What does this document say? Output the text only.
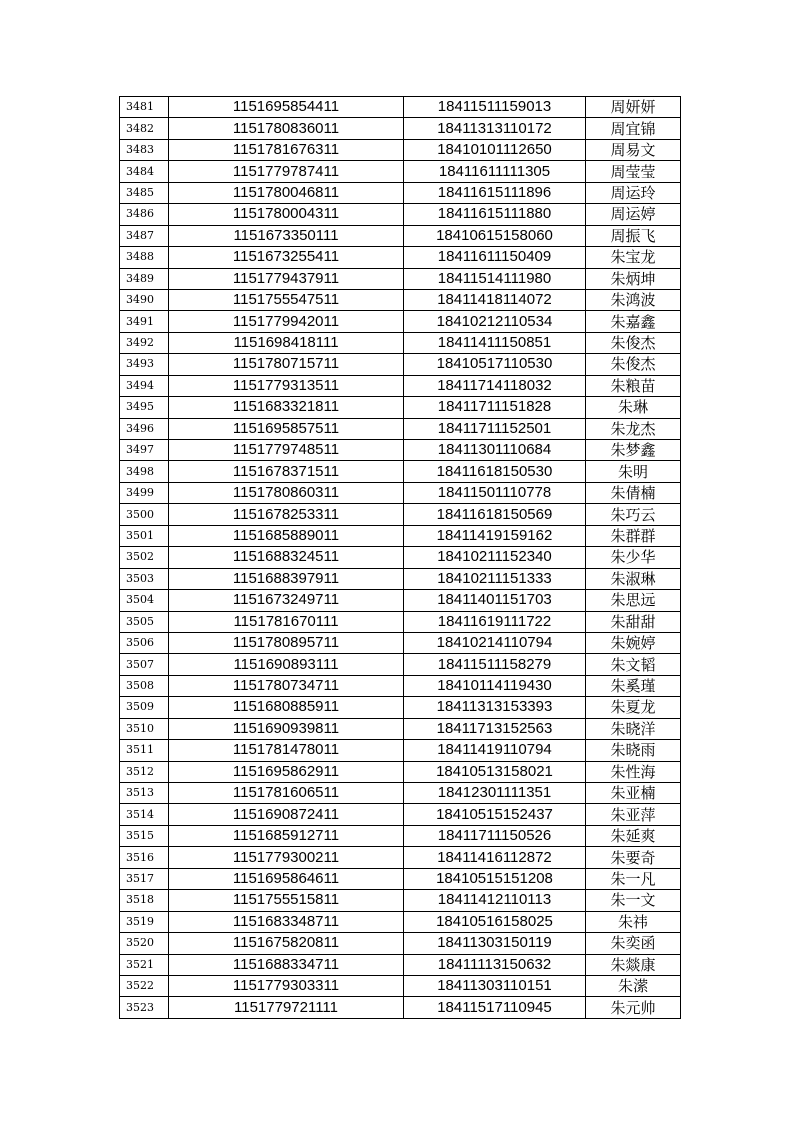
3481	1151695854411	18411511159013	周妍妍
3482	1151780836011	18411313110172	周宜锦
3483	1151781676311	18410101112650	周易文
3484	1151779787411	18411611111305	周莹莹
3485	1151780046811	18411615111896	周运玲
3486	1151780004311	18411615111880	周运婷
3487	1151673350111	18410615158060	周振飞
3488	1151673255411	18411611150409	朱宝龙
3489	1151779437911	18411514111980	朱炳坤
3490	1151755547511	18411418114072	朱鸿波
3491	1151779942011	18410212110534	朱嘉鑫
3492	1151698418111	18411411150851	朱俊杰
3493	1151780715711	18410517110530	朱俊杰
3494	1151779313511	18411714118032	朱粮苗
3495	1151683321811	18411711151828	朱琳
3496	1151695857511	18411711152501	朱龙杰
3497	1151779748511	18411301110684	朱梦鑫
3498	1151678371511	18411618150530	朱明
3499	1151780860311	18411501110778	朱倩楠
3500	1151678253311	18411618150569	朱巧云
3501	1151685889011	18411419159162	朱群群
3502	1151688324511	18410211152340	朱少华
3503	1151688397911	18410211151333	朱淑琳
3504	1151673249711	18411401151703	朱思远
3505	1151781670111	18411619111722	朱甜甜
3506	1151780895711	18410214110794	朱婉婷
3507	1151690893111	18411511158279	朱文韬
3508	1151780734711	18410114119430	朱奚瑾
3509	1151680885911	18411313153393	朱夏龙
3510	1151690939811	18411713152563	朱晓洋
3511	1151781478011	18411419110794	朱晓雨
3512	1151695862911	18410513158021	朱性海
3513	1151781606511	18412301111351	朱亚楠
3514	1151690872411	18410515152437	朱亚萍
3515	1151685912711	18411711150526	朱延爽
3516	1151779300211	18411416112872	朱要奇
3517	1151695864611	18410515151208	朱一凡
3518	1151755515811	18411412110113	朱一文
3519	1151683348711	18410516158025	朱祎
3520	1151675820811	18411303150119	朱奕函
3521	1151688334711	18411113150632	朱燚康
3522	1151779303311	18411303110151	朱潆
3523	1151779721111	18411517110945	朱元帅
